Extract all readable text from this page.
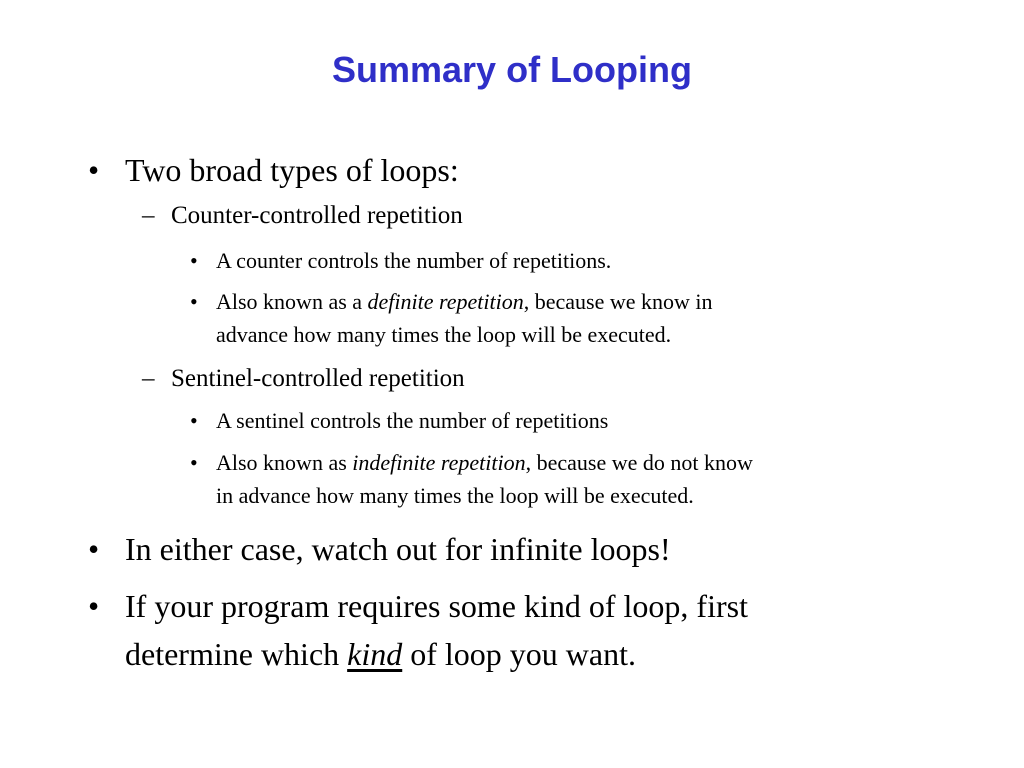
Summary of Looping
• Two broad types of loops:
– Counter-controlled repetition
• A counter controls the number of repetitions.
• Also known as a definite repetition, because we know in
advance how many times the loop will be executed.
– Sentinel-controlled repetition
• A sentinel controls the number of repetitions
• Also known as indefinite repetition, because we do not know
in advance how many times the loop will be executed.
• In either case, watch out for infinite loops!
• If your program requires some kind of loop, first
determine which kind of loop you want.
